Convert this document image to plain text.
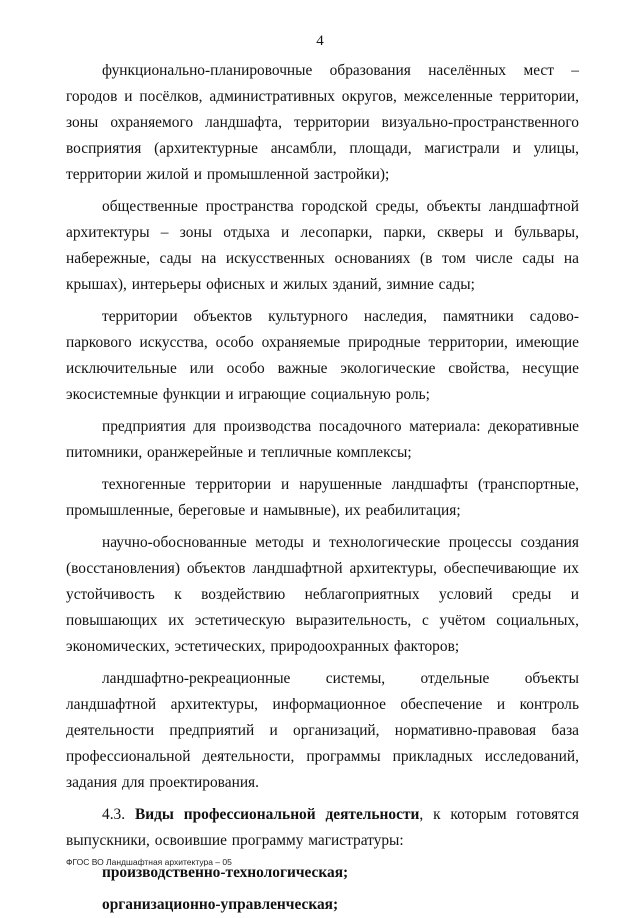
4

функционально-планировочные образования населённых мест – городов и посёлков, административных округов, межселенные территории, зоны охраняемого ландшафта, территории визуально-пространственного восприятия (архитектурные ансамбли, площади, магистрали и улицы, территории жилой и промышленной застройки);

общественные пространства городской среды, объекты ландшафтной архитектуры – зоны отдыха и лесопарки, парки, скверы и бульвары, набережные, сады на искусственных основаниях (в том числе сады на крышах), интерьеры офисных и жилых зданий, зимние сады;

территории объектов культурного наследия, памятники садово-паркового искусства, особо охраняемые природные территории, имеющие исключительные или особо важные экологические свойства, несущие экосистемные функции и играющие социальную роль;

предприятия для производства посадочного материала: декоративные питомники, оранжерейные и тепличные комплексы;

техногенные территории и нарушенные ландшафты (транспортные, промышленные, береговые и намывные), их реабилитация;

научно-обоснованные методы и технологические процессы создания (восстановления) объектов ландшафтной архитектуры, обеспечивающие их устойчивость к воздействию неблагоприятных условий среды и повышающих их эстетическую выразительность, с учётом социальных, экономических, эстетических, природоохранных факторов;

ландшафтно-рекреационные системы, отдельные объекты ландшафтной архитектуры, информационное обеспечение и контроль деятельности предприятий и организаций, нормативно-правовая база профессиональной деятельности, программы прикладных исследований, задания для проектирования.

4.3. Виды профессиональной деятельности, к которым готовятся выпускники, освоившие программу магистратуры:

производственно-технологическая;

организационно-управленческая;

ФГОС ВО Ландшафтная архитектура – 05
